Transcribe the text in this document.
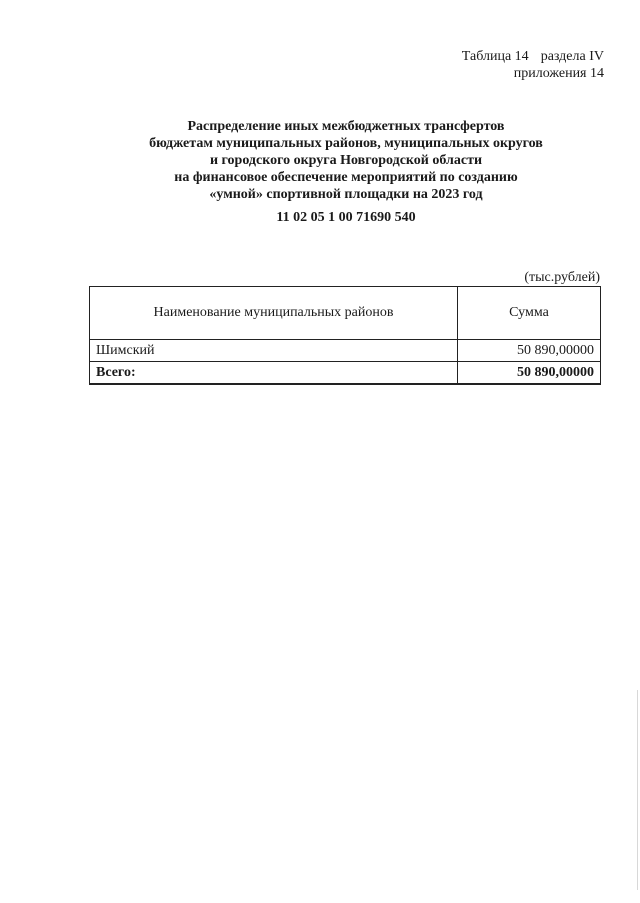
Таблица 14 раздела IV
приложения 14
Распределение иных межбюджетных трансфертов
бюджетам муниципальных районов, муниципальных округов
и городского округа Новгородской области
на финансовое обеспечение мероприятий по созданию
«умной» спортивной площадки на 2023 год
11 02 05 1 00 71690 540
(тыс.рублей)
Наименование муниципальных районов	Сумма
Шимский	50 890,00000
Всего:	50 890,00000
